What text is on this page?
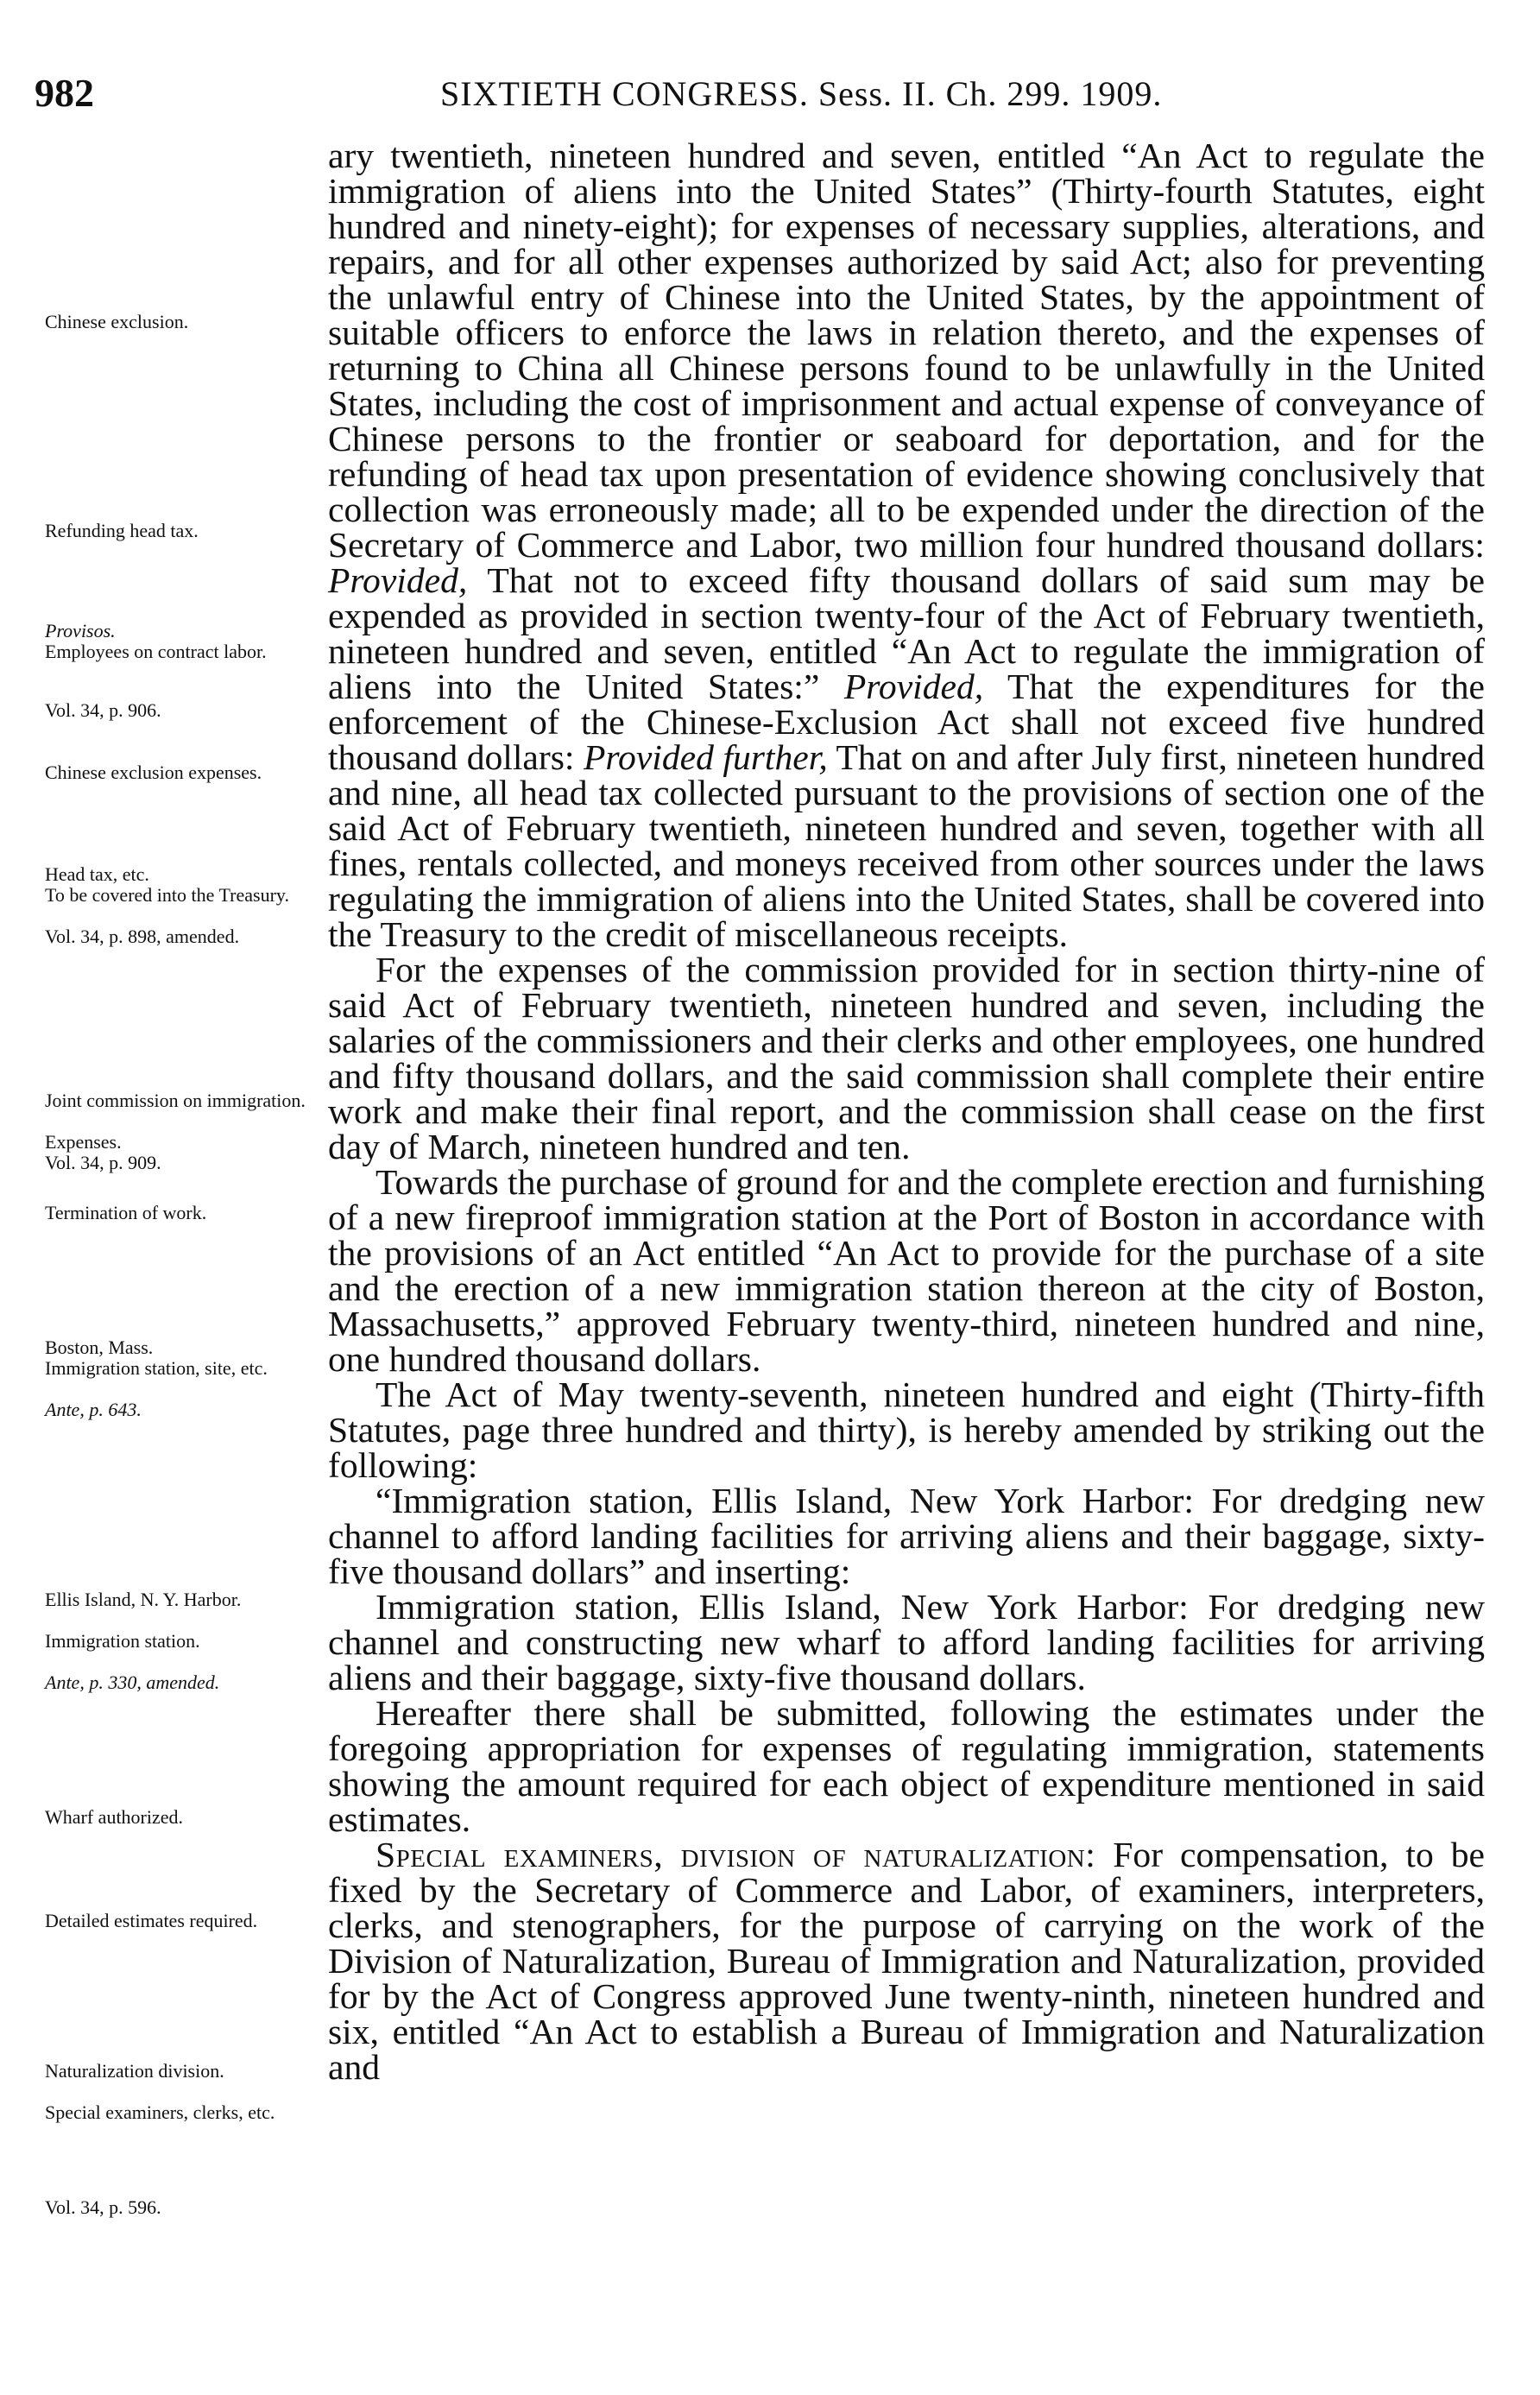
982	SIXTIETH CONGRESS. Sess. II. Ch. 299. 1909.
Chinese exclusion.
Refunding head tax.
Provisos.
Employees on contract labor.
Vol. 34, p. 906.
Chinese exclusion expenses.
Head tax, etc.
To be covered into the Treasury.
Vol. 34, p. 898, amended.
Joint commission on immigration.
Expenses.
Vol. 34, p. 909.
Termination of work.
Boston, Mass.
Immigration station, site, etc.
Ante, p. 643.
Ellis Island, N. Y. Harbor.
Immigration station.
Ante, p. 330, amended.
Wharf authorized.
Detailed estimates required.
Naturalization division.
Special examiners, clerks, etc.
Vol. 34, p. 596.

ary twentieth, nineteen hundred and seven, entitled “An Act to regulate the immigration of aliens into the United States” (Thirty-fourth Statutes, eight hundred and ninety-eight); for expenses of necessary supplies, alterations, and repairs, and for all other expenses authorized by said Act; also for preventing the unlawful entry of Chinese into the United States, by the appointment of suitable officers to enforce the laws in relation thereto, and the expenses of returning to China all Chinese persons found to be unlawfully in the United States, including the cost of imprisonment and actual expense of conveyance of Chinese persons to the frontier or seaboard for deportation, and for the refunding of head tax upon presentation of evidence showing conclusively that collection was erroneously made; all to be expended under the direction of the Secretary of Commerce and Labor, two million four hundred thousand dollars: Provided, That not to exceed fifty thousand dollars of said sum may be expended as provided in section twenty-four of the Act of February twentieth, nineteen hundred and seven, entitled “An Act to regulate the immigration of aliens into the United States:” Provided, That the expenditures for the enforcement of the Chinese-Exclusion Act shall not exceed five hundred thousand dollars: Provided further, That on and after July first, nineteen hundred and nine, all head tax collected pursuant to the provisions of section one of the said Act of February twentieth, nineteen hundred and seven, together with all fines, rentals collected, and moneys received from other sources under the laws regulating the immigration of aliens into the United States, shall be covered into the Treasury to the credit of miscellaneous receipts.

For the expenses of the commission provided for in section thirty-nine of said Act of February twentieth, nineteen hundred and seven, including the salaries of the commissioners and their clerks and other employees, one hundred and fifty thousand dollars, and the said commission shall complete their entire work and make their final report, and the commission shall cease on the first day of March, nineteen hundred and ten.

Towards the purchase of ground for and the complete erection and furnishing of a new fireproof immigration station at the Port of Boston in accordance with the provisions of an Act entitled “An Act to provide for the purchase of a site and the erection of a new immigration station thereon at the city of Boston, Massachusetts,” approved February twenty-third, nineteen hundred and nine, one hundred thousand dollars.

The Act of May twenty-seventh, nineteen hundred and eight (Thirty-fifth Statutes, page three hundred and thirty), is hereby amended by striking out the following:

“Immigration station, Ellis Island, New York Harbor: For dredging new channel to afford landing facilities for arriving aliens and their baggage, sixty-five thousand dollars” and inserting:

Immigration station, Ellis Island, New York Harbor: For dredging new channel and constructing new wharf to afford landing facilities for arriving aliens and their baggage, sixty-five thousand dollars.

Hereafter there shall be submitted, following the estimates under the foregoing appropriation for expenses of regulating immigration, statements showing the amount required for each object of expenditure mentioned in said estimates.

Special examiners, division of naturalization: For compensation, to be fixed by the Secretary of Commerce and Labor, of examiners, interpreters, clerks, and stenographers, for the purpose of carrying on the work of the Division of Naturalization, Bureau of Immigration and Naturalization, provided for by the Act of Congress approved June twenty-ninth, nineteen hundred and six, entitled “An Act to establish a Bureau of Immigration and Naturalization and
